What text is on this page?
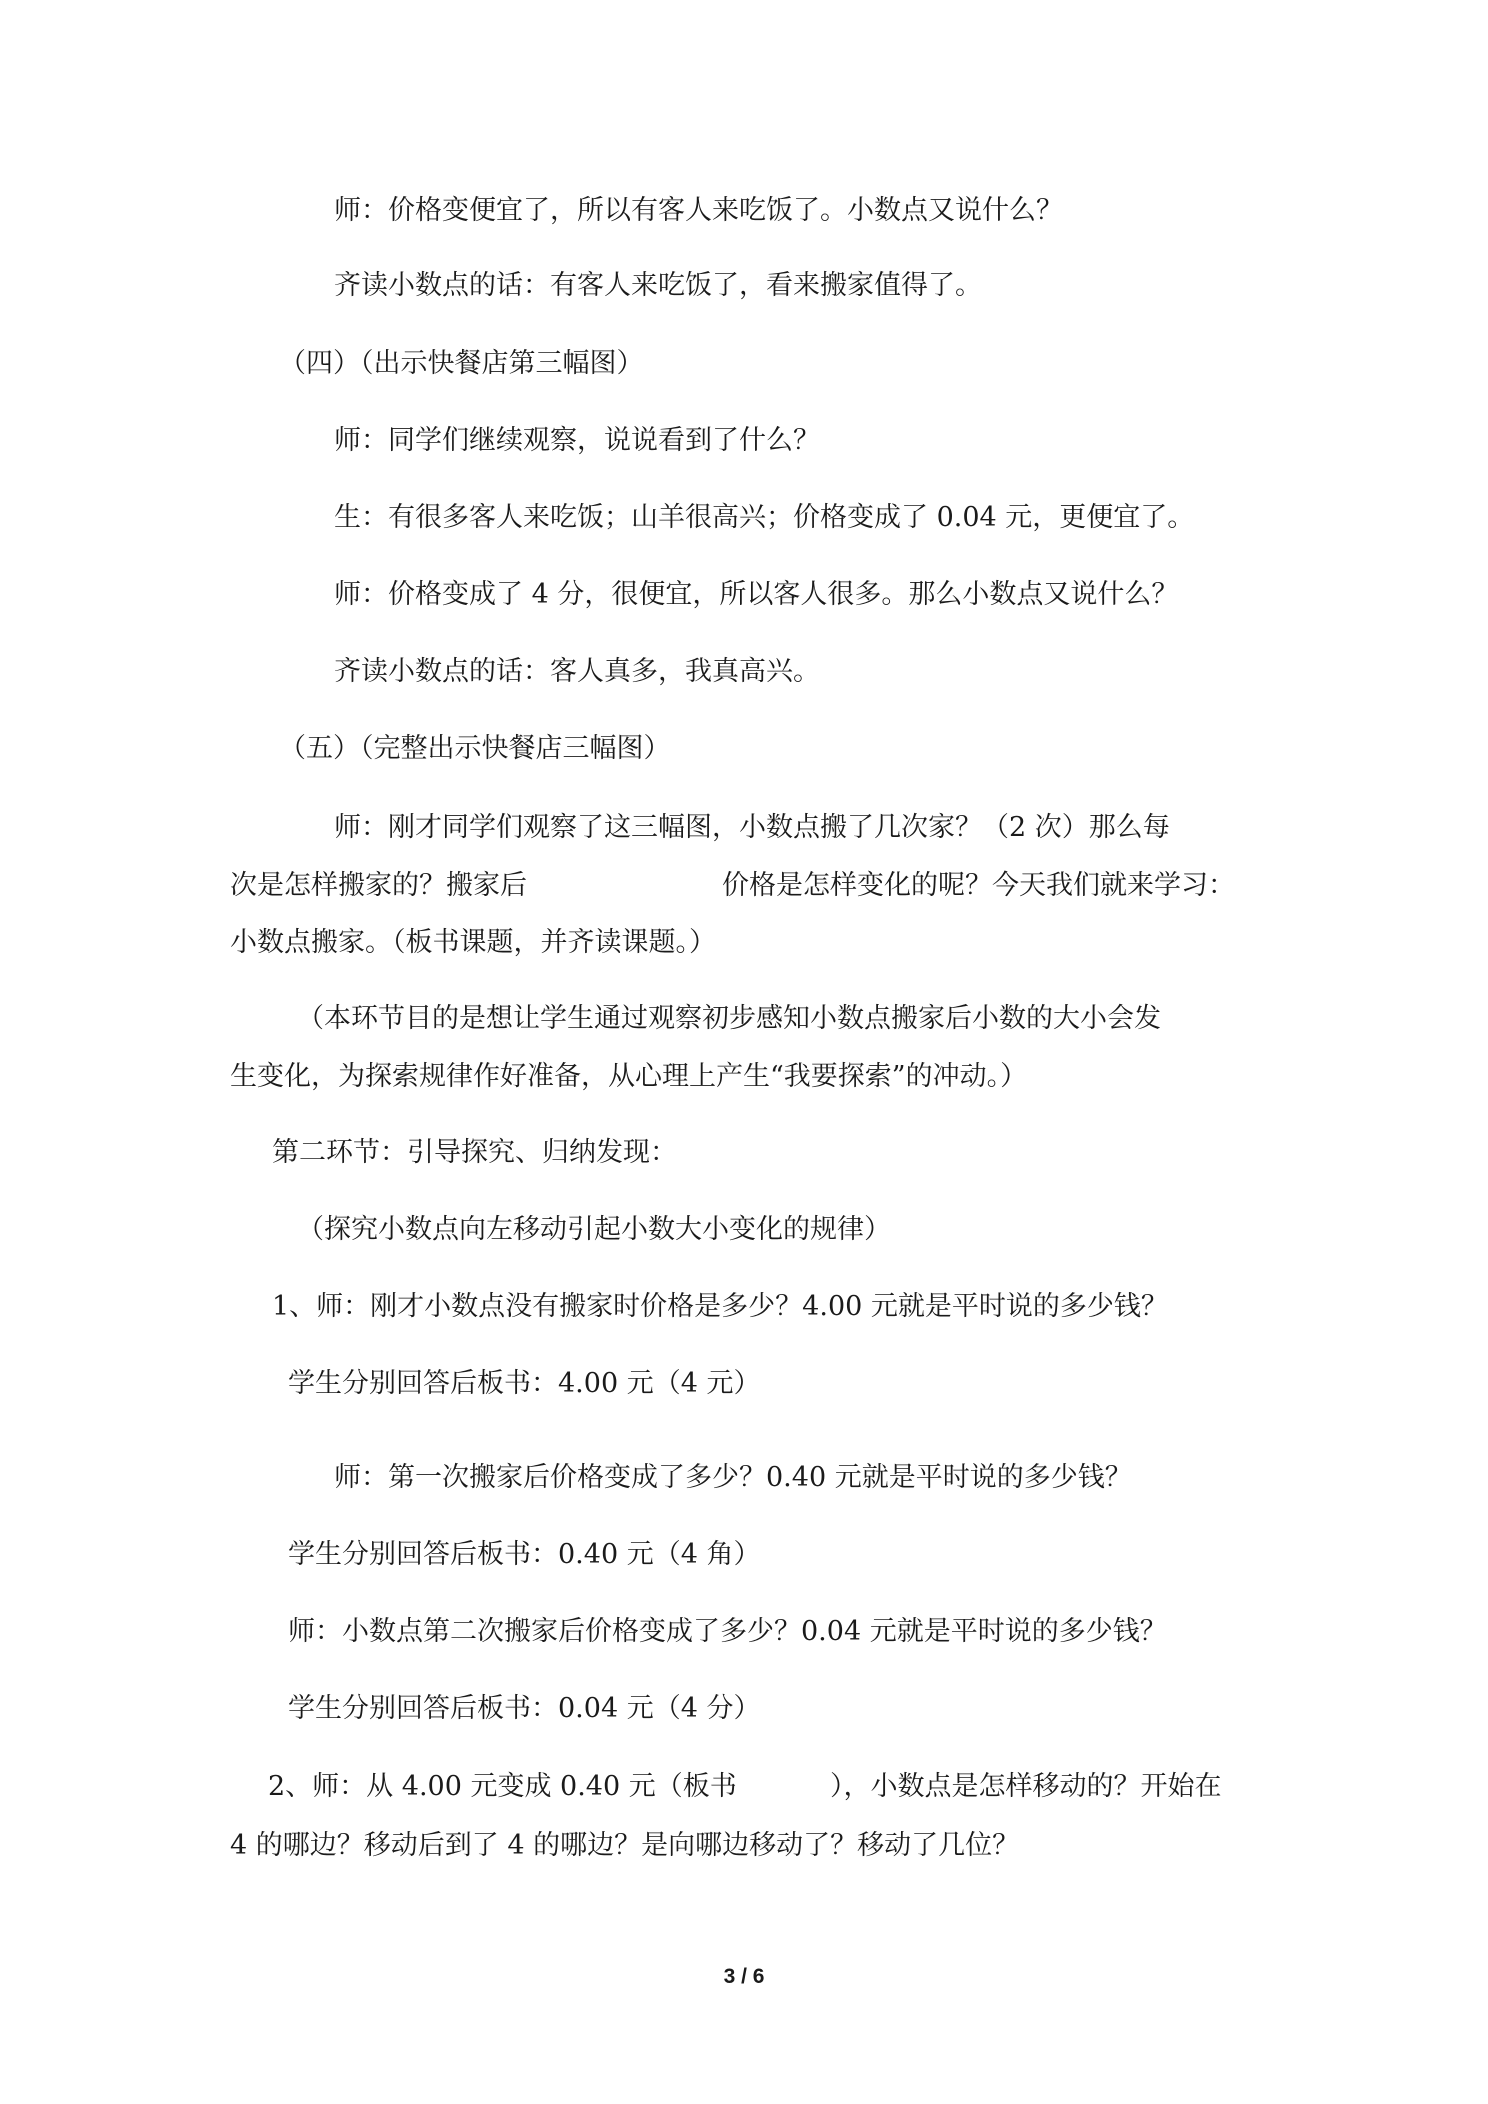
师：价格变便宜了，所以有客人来吃饭了。小数点又说什么？
齐读小数点的话：有客人来吃饭了，看来搬家值得了。
（四）（出示快餐店第三幅图）
师：同学们继续观察，说说看到了什么？
生：有很多客人来吃饭；山羊很高兴；价格变成了 0.04 元，更便宜了。
师：价格变成了 4 分，很便宜，所以客人很多。那么小数点又说什么？
齐读小数点的话：客人真多，我真高兴。
（五）（完整出示快餐店三幅图）
师：刚才同学们观察了这三幅图，小数点搬了几次家？（2 次）那么每
次是怎样搬家的？搬家后	价格是怎样变化的呢？今天我们就来学习：
小数点搬家。（板书课题，并齐读课题。）
（本环节目的是想让学生通过观察初步感知小数点搬家后小数的大小会发
生变化，为探索规律作好准备，从心理上产生“我要探索”的冲动。）
第二环节：引导探究、归纳发现：
（探究小数点向左移动引起小数大小变化的规律）
1、师：刚才小数点没有搬家时价格是多少？4.00 元就是平时说的多少钱？
学生分别回答后板书：4.00 元（4 元）
师：第一次搬家后价格变成了多少？0.40 元就是平时说的多少钱？
学生分别回答后板书：0.40 元（4 角）
师：小数点第二次搬家后价格变成了多少？0.04 元就是平时说的多少钱？
学生分别回答后板书：0.04 元（4 分）
2、师：从 4.00 元变成 0.40 元（板书	），小数点是怎样移动的？开始在
4 的哪边？移动后到了 4 的哪边？是向哪边移动了？移动了几位？
3 / 6
